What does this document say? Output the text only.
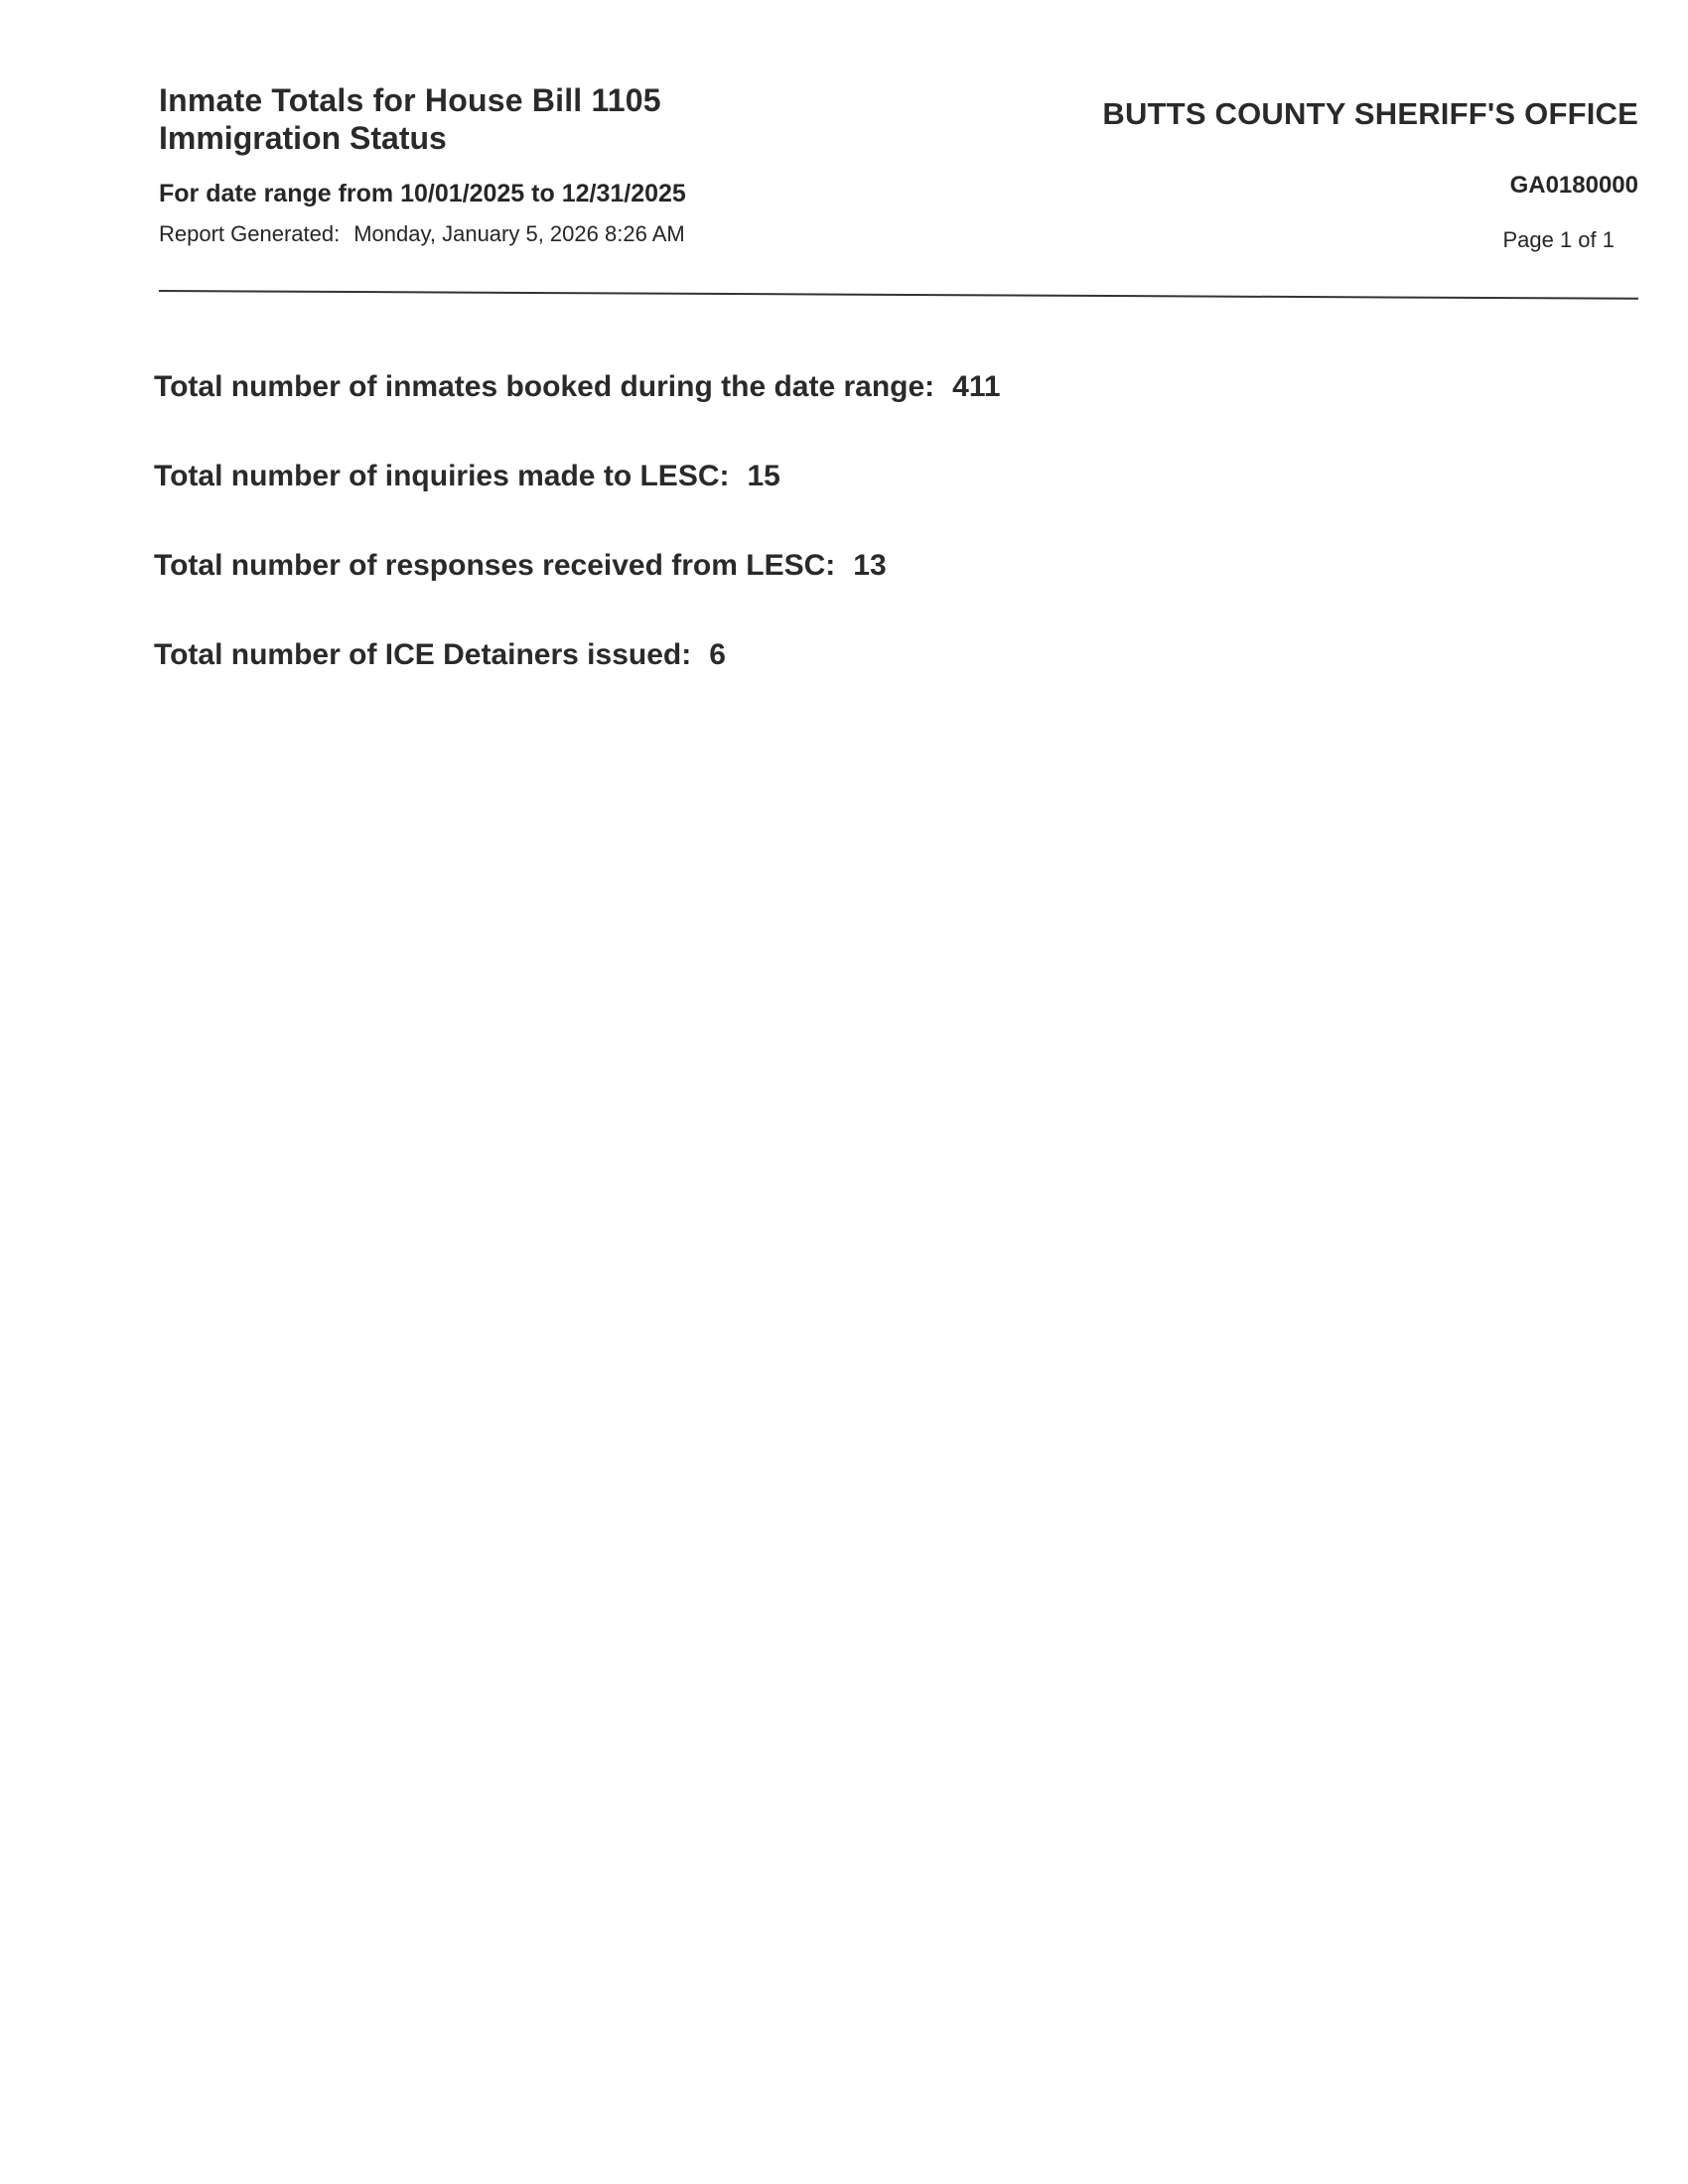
Inmate Totals for House Bill 1105
Immigration Status
For date range from 10/01/2025 to 12/31/2025
Report Generated: Monday, January 5, 2026 8:26 AM
BUTTS COUNTY SHERIFF'S OFFICE
GA0180000
Page 1 of 1
Total number of inmates booked during the date range: 411
Total number of inquiries made to LESC: 15
Total number of responses received from LESC: 13
Total number of ICE Detainers issued: 6
